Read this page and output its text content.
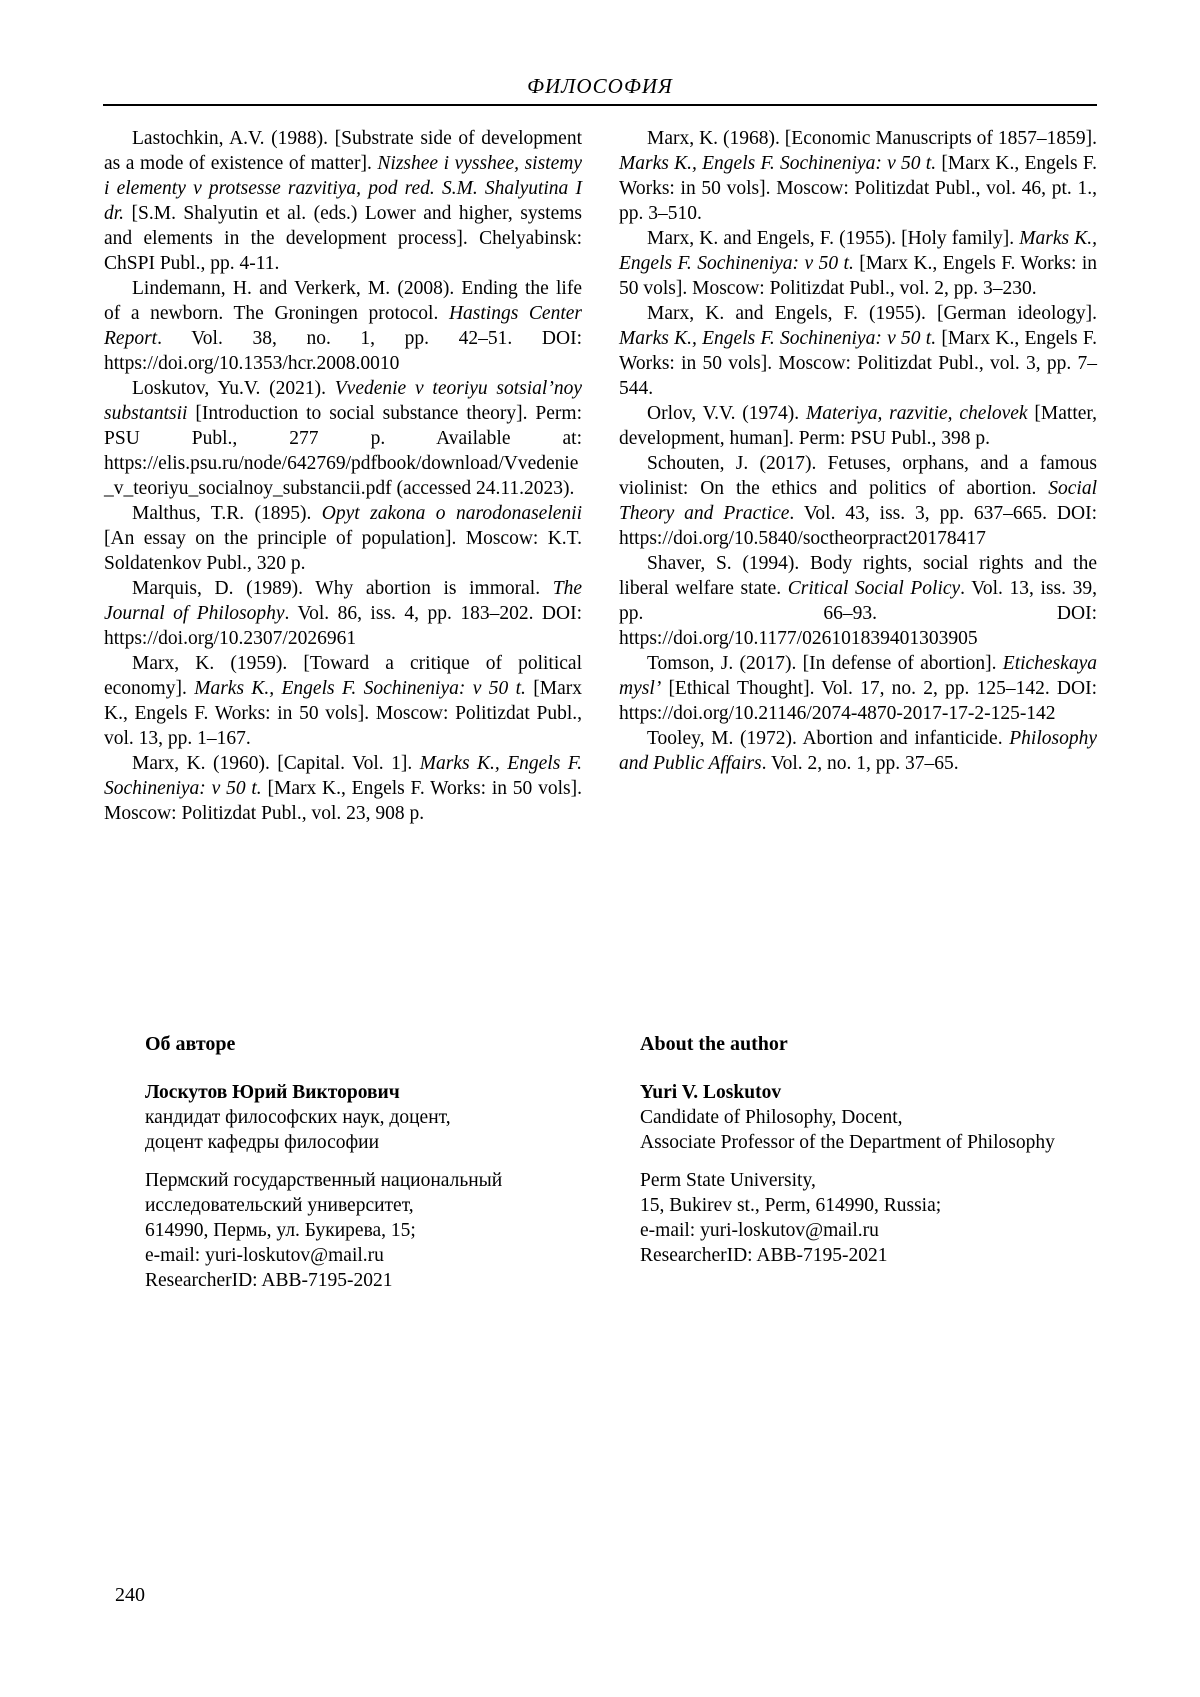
ФИЛОСОФИЯ

Lastochkin, A.V. (1988). [Substrate side of development as a mode of existence of matter]. Nizshee i vysshee, sistemy i elementy v protsesse razvitiya, pod red. S.M. Shalyutina I dr. [S.M. Shalyutin et al. (eds.) Lower and higher, systems and elements in the development process]. Chelyabinsk: ChSPI Publ., pp. 4-11.

Lindemann, H. and Verkerk, M. (2008). Ending the life of a newborn. The Groningen protocol. Hastings Center Report. Vol. 38, no. 1, pp. 42–51. DOI: https://doi.org/10.1353/hcr.2008.0010

Loskutov, Yu.V. (2021). Vvedenie v teoriyu sotsial’noy substantsii [Introduction to social substance theory]. Perm: PSU Publ., 277 p. Available at: https://elis.psu.ru/node/642769/pdfbook/download/Vvedenie_v_teoriyu_socialnoy_substancii.pdf (accessed 24.11.2023).

Malthus, T.R. (1895). Opyt zakona o narodonaselenii [An essay on the principle of population]. Moscow: K.T. Soldatenkov Publ., 320 p.

Marquis, D. (1989). Why abortion is immoral. The Journal of Philosophy. Vol. 86, iss. 4, pp. 183–202. DOI: https://doi.org/10.2307/2026961

Marx, K. (1959). [Toward a critique of political economy]. Marks K., Engels F. Sochineniya: v 50 t. [Marx K., Engels F. Works: in 50 vols]. Moscow: Politizdat Publ., vol. 13, pp. 1–167.

Marx, K. (1960). [Capital. Vol. 1]. Marks K., Engels F. Sochineniya: v 50 t. [Marx K., Engels F. Works: in 50 vols]. Moscow: Politizdat Publ., vol. 23, 908 p.

Marx, K. (1968). [Economic Manuscripts of 1857–1859]. Marks K., Engels F. Sochineniya: v 50 t. [Marx K., Engels F. Works: in 50 vols]. Moscow: Politizdat Publ., vol. 46, pt. 1., pp. 3–510.

Marx, K. and Engels, F. (1955). [Holy family]. Marks K., Engels F. Sochineniya: v 50 t. [Marx K., Engels F. Works: in 50 vols]. Moscow: Politizdat Publ., vol. 2, pp. 3–230.

Marx, K. and Engels, F. (1955). [German ideology]. Marks K., Engels F. Sochineniya: v 50 t. [Marx K., Engels F. Works: in 50 vols]. Moscow: Politizdat Publ., vol. 3, pp. 7–544.

Orlov, V.V. (1974). Materiya, razvitie, chelovek [Matter, development, human]. Perm: PSU Publ., 398 p.

Schouten, J. (2017). Fetuses, orphans, and a famous violinist: On the ethics and politics of abortion. Social Theory and Practice. Vol. 43, iss. 3, pp. 637–665. DOI: https://doi.org/10.5840/soctheorpract20178417

Shaver, S. (1994). Body rights, social rights and the liberal welfare state. Critical Social Policy. Vol. 13, iss. 39, pp. 66–93. DOI: https://doi.org/10.1177/026101839401303905

Tomson, J. (2017). [In defense of abortion]. Eticheskaya mysl’ [Ethical Thought]. Vol. 17, no. 2, pp. 125–142. DOI: https://doi.org/10.21146/2074-4870-2017-17-2-125-142

Tooley, M. (1972). Abortion and infanticide. Philosophy and Public Affairs. Vol. 2, no. 1, pp. 37–65.

Об авторе
Лоскутов Юрий Викторович
кандидат философских наук, доцент,
доцент кафедры философии
Пермский государственный национальный
исследовательский университет,
614990, Пермь, ул. Букирева, 15;
e-mail: yuri-loskutov@mail.ru
ResearcherID: ABB-7195-2021
About the author
Yuri V. Loskutov
Candidate of Philosophy, Docent,
Associate Professor of the Department of Philosophy
Perm State University,
15, Bukirev st., Perm, 614990, Russia;
e-mail: yuri-loskutov@mail.ru
ResearcherID: ABB-7195-2021
240
